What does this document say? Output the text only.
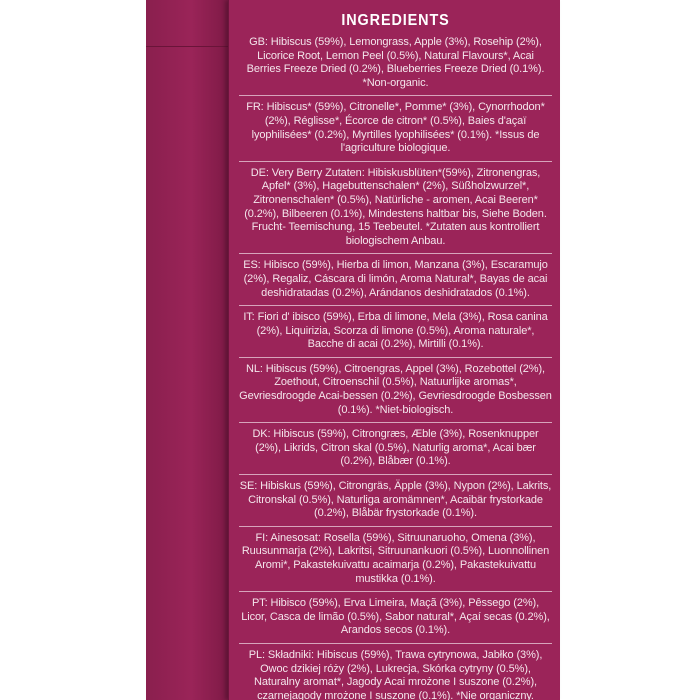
INGREDIENTS
GB: Hibiscus (59%), Lemongrass, Apple (3%), Rosehip (2%), Licorice Root, Lemon Peel (0.5%), Natural Flavours*, Acai Berries Freeze Dried (0.2%), Blueberries Freeze Dried (0.1%). *Non-organic.
FR: Hibiscus* (59%), Citronelle*, Pomme* (3%), Cynorrhodon* (2%), Réglisse*, Écorce de citron* (0.5%), Baies d'açaï lyophilisées* (0.2%), Myrtilles lyophilisées* (0.1%). *Issus de l'agriculture biologique.
DE: Very Berry Zutaten: Hibiskusblüten*(59%), Zitronengras, Apfel* (3%), Hagebuttenschalen* (2%), Süßholzwurzel*, Zitronenschalen* (0.5%), Natürliche - aromen, Acai Beeren* (0.2%), Bilbeeren (0.1%), Mindestens haltbar bis, Siehe Boden. Frucht- Teemischung, 15 Teebeutel. *Zutaten aus kontrolliert biologischem Anbau.
ES: Hibisco (59%), Hierba di limon, Manzana (3%), Escaramujo (2%), Regaliz, Cáscara di limón, Aroma Natural*, Bayas de acai deshidratadas (0.2%), Arándanos deshidratados (0.1%).
IT: Fiori d' ibisco (59%), Erba di limone, Mela (3%), Rosa canina (2%), Liquirizia, Scorza di limone (0.5%), Aroma naturale*, Bacche di acai (0.2%), Mirtilli (0.1%).
NL: Hibiscus (59%), Citroengras, Appel (3%), Rozebottel (2%), Zoethout, Citroenschil (0.5%), Natuurlijke aromas*, Gevriesdroogde Acai-bessen (0.2%), Gevriesdroogde Bosbessen (0.1%). *Niet-biologisch.
DK: Hibiscus (59%), Citrongræs, Æble (3%), Rosenknupper (2%), Likrids, Citron skal (0.5%), Naturlig aroma*, Acai bær (0.2%), Blåbær (0.1%).
SE: Hibiskus (59%), Citrongräs, Äpple (3%), Nypon (2%), Lakrits, Citronskal (0.5%), Naturliga aromämnen*, Acaibär frystorkade (0.2%), Blåbär frystorkade (0.1%).
FI: Ainesosat: Rosella (59%), Sitruunaruoho, Omena (3%), Ruusunmarja (2%), Lakritsi, Sitruunankuori (0.5%), Luonnollinen Aromi*, Pakastekuivattu acaimarja (0.2%), Pakastekuivattu mustikka (0.1%).
PT: Hibisco (59%), Erva Limeira, Maçã (3%), Pêssego (2%), Licor, Casca de limão (0.5%), Sabor natural*, Açaí secas (0.2%), Arandos secos (0.1%).
PL: Składniki: Hibiscus (59%), Trawa cytrynowa, Jabłko (3%), Owoc dzikiej róży (2%), Lukrecja, Skórka cytryny (0.5%), Naturalny aromat*, Jagody Acai mrożone I suszone (0.2%), czarnejagody mrożone I suszone (0.1%). *Nie organiczny.
